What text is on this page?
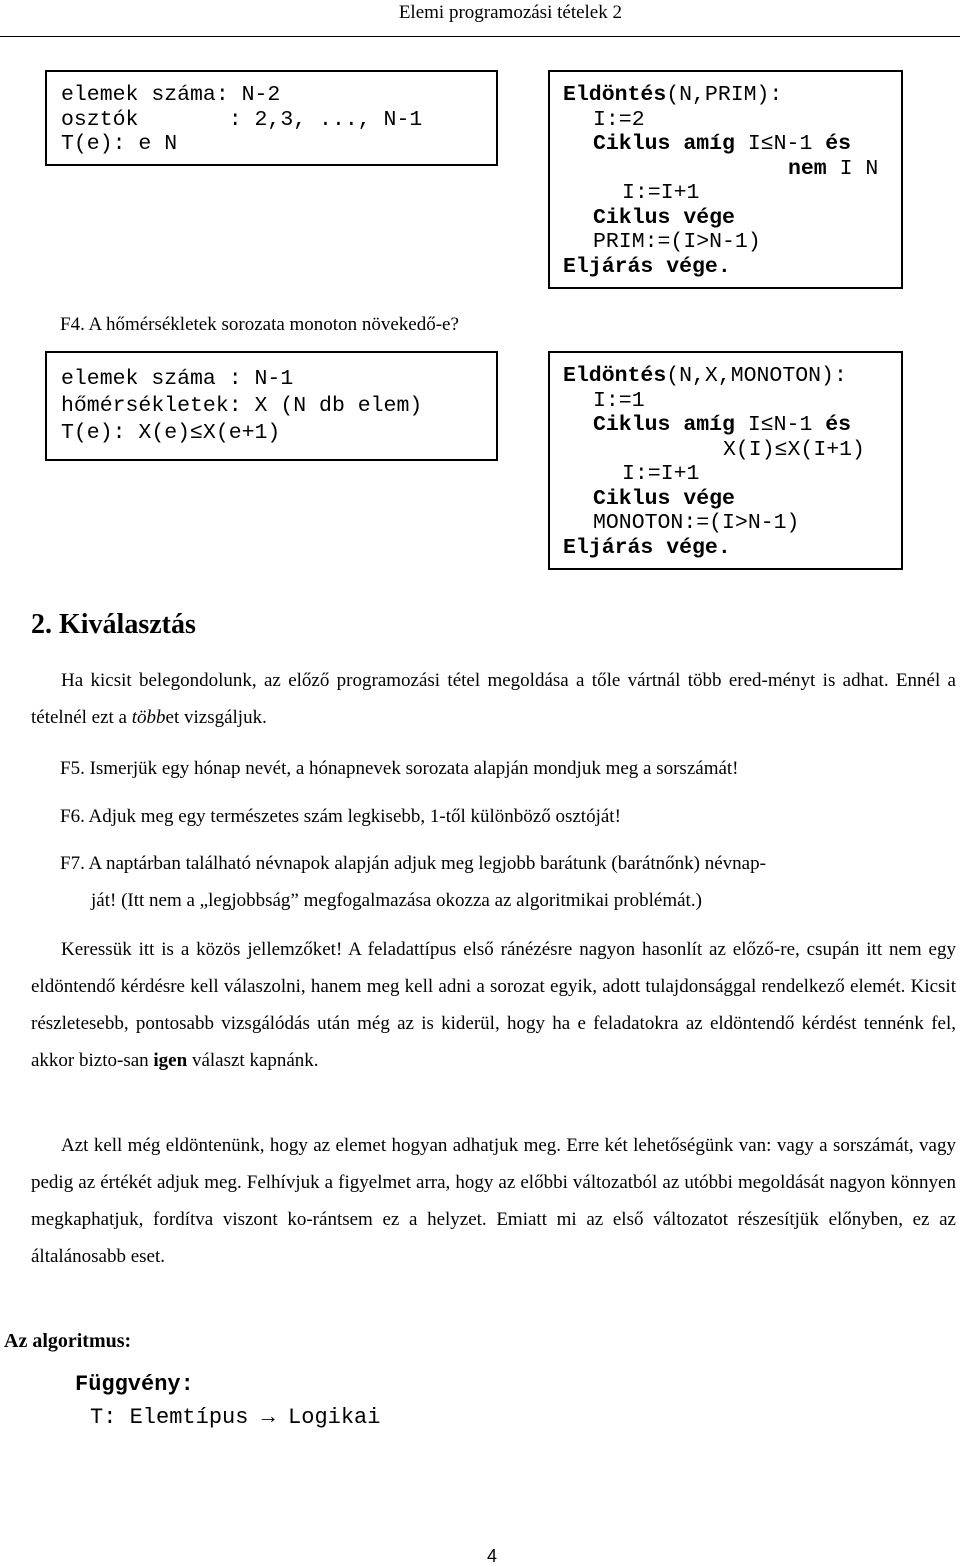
Elemi programozási tételek 2
elemek száma: N-2
osztók       : 2,3, ..., N-1
T(e): e N
Eldöntés(N,PRIM):
I:=2
Ciklus amíg I≤N-1 és
nem I N
I:=I+1
Ciklus vége
PRIM:=(I>N-1)
Eljárás vége.
F4. A hőmérsékletek sorozata monoton növekedő-e?
elemek száma : N-1
hőmérsékletek: X (N db elem)
T(e): X(e)≤X(e+1)
Eldöntés(N,X,MONOTON):
I:=1
Ciklus amíg I≤N-1 és
X(I)≤X(I+1)
I:=I+1
Ciklus vége
MONOTON:=(I>N-1)
Eljárás vége.
2. Kiválasztás
Ha kicsit belegondolunk, az előző programozási tétel megoldása a tőle vártnál több ered-ményt is adhat. Ennél a tételnél ezt a többet vizsgáljuk.
F5. Ismerjük egy hónap nevét, a hónapnevek sorozata alapján mondjuk meg a sorszámát!
F6. Adjuk meg egy természetes szám legkisebb, 1-től különböző osztóját!
F7. A naptárban található névnapok alapján adjuk meg legjobb barátunk (barátnőnk) névnap-
ját! (Itt nem a „legjobbság” megfogalmazása okozza az algoritmikai problémát.)
Keressük itt is a közös jellemzőket! A feladattípus első ránézésre nagyon hasonlít az előző-re, csupán itt nem egy eldöntendő kérdésre kell válaszolni, hanem meg kell adni a sorozat egyik, adott tulajdonsággal rendelkező elemét. Kicsit részletesebb, pontosabb vizsgálódás után még az is kiderül, hogy ha e feladatokra az eldöntendő kérdést tennénk fel, akkor bizto-san igen választ kapnánk.
Azt kell még eldöntenünk, hogy az elemet hogyan adhatjuk meg. Erre két lehetőségünk van: vagy a sorszámát, vagy pedig az értékét adjuk meg. Felhívjuk a figyelmet arra, hogy az előbbi változatból az utóbbi megoldását nagyon könnyen megkaphatjuk, fordítva viszont ko-rántsem ez a helyzet. Emiatt mi az első változatot részesítjük előnyben, ez az általánosabb eset.
Az algoritmus:
Függvény:
T: Elemtípus → Logikai
4
